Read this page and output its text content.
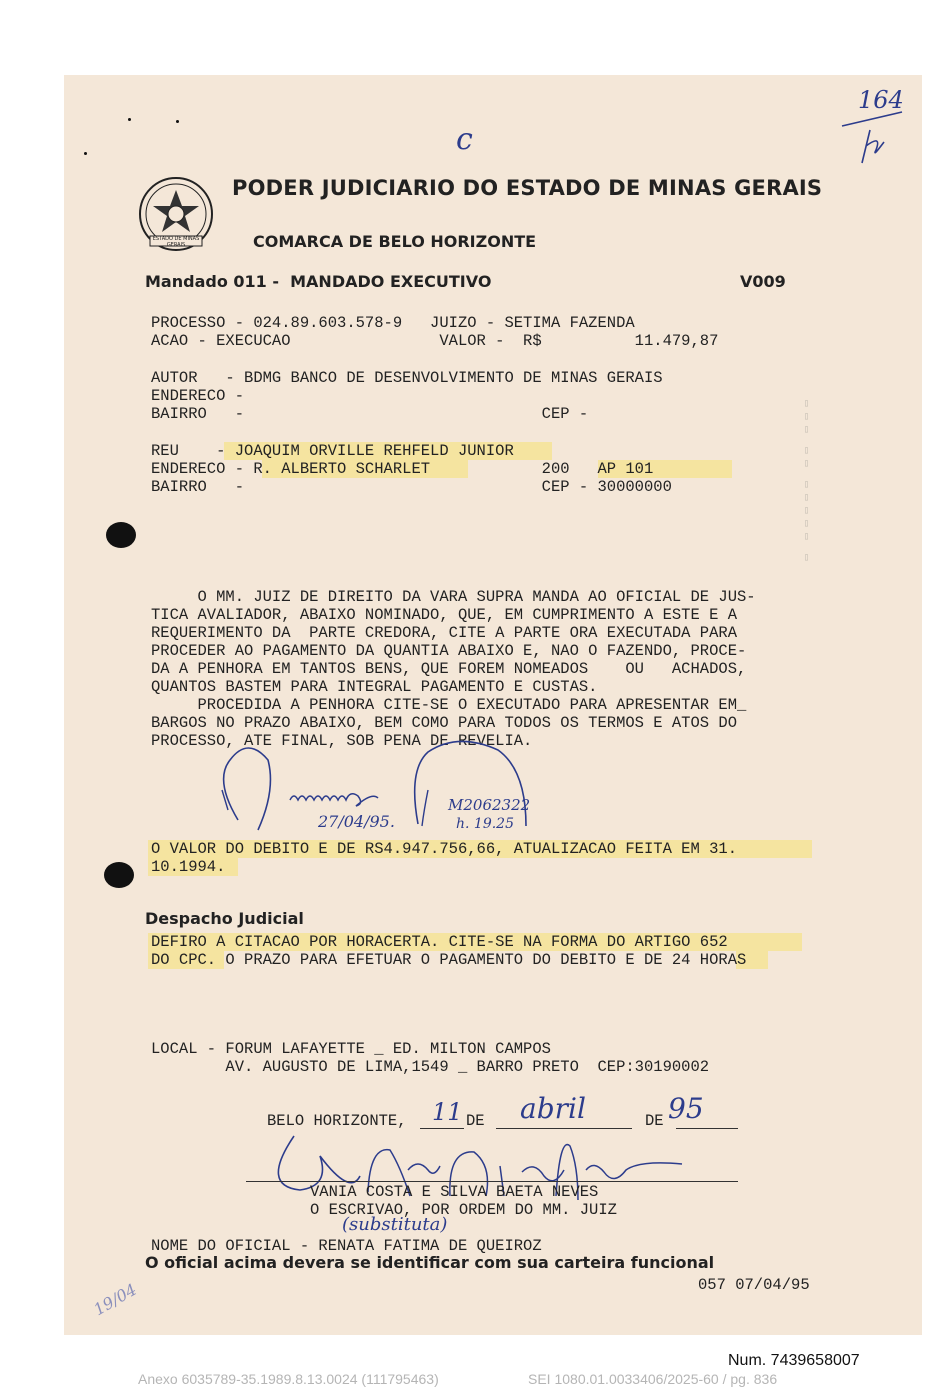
164
c
ESTADO DE MINAS GERAIS
PODER JUDICIARIO DO ESTADO DE MINAS GERAIS
COMARCA DE BELO HORIZONTE
Mandado 011 -  MANDADO EXECUTIVO	V009
PROCESSO - 024.89.603.578-9   JUIZO - SETIMA FAZENDA
ACAO - EXECUCAO                VALOR -  R$          11.479,87
AUTOR   - BDMG BANCO DE DESENVOLVIMENTO DE MINAS GERAIS
ENDERECO -
BAIRRO   -                                CEP -
REU    - JOAQUIM ORVILLE REHFELD JUNIOR
ENDERECO - R. ALBERTO SCHARLET            200   AP 101
BAIRRO   -                                CEP - 30000000	▯▯▯ ▯▯ ▯▯▯▯▯ ▯
O MM. JUIZ DE DIREITO DA VARA SUPRA MANDA AO OFICIAL DE JUS-
TICA AVALIADOR, ABAIXO NOMINADO, QUE, EM CUMPRIMENTO A ESTE E A
REQUERIMENTO DA  PARTE CREDORA, CITE A PARTE ORA EXECUTADA PARA
PROCEDER AO PAGAMENTO DA QUANTIA ABAIXO E, NAO O FAZENDO, PROCE-
DA A PENHORA EM TANTOS BENS, QUE FOREM NOMEADOS    OU   ACHADOS,
QUANTOS BASTEM PARA INTEGRAL PAGAMENTO E CUSTAS.
PROCEDIDA A PENHORA CITE-SE O EXECUTADO PARA APRESENTAR EM_
BARGOS NO PRAZO ABAIXO, BEM COMO PARA TODOS OS TERMOS E ATOS DO
PROCESSO, ATE FINAL, SOB PENA DE REVELIA.
27/04/95.
M2062322
h. 19.25
O VALOR DO DEBITO E DE RS4.947.756,66, ATUALIZACAO FEITA EM 31.
10.1994.
Despacho Judicial
DEFIRO A CITACAO POR HORACERTA. CITE-SE NA FORMA DO ARTIGO 652
DO CPC. O PRAZO PARA EFETUAR O PAGAMENTO DO DEBITO E DE 24 HORAS
LOCAL - FORUM LAFAYETTE _ ED. MILTON CAMPOS
AV. AUGUSTO DE LIMA,1549 _ BARRO PRETO  CEP:30190002
BELO HORIZONTE, 11 DE abril	DE 95
VANIA COSTA E SILVA BAETA NEVES
O ESCRIVAO, POR ORDEM DO MM. JUIZ
(substituta)
NOME DO OFICIAL - RENATA FATIMA DE QUEIROZ
O oficial acima devera se identificar com sua carteira funcional
057 07/04/95
19/04
Num. 7439658007
Anexo 6035789-35.1989.8.13.0024 (111795463)	SEI 1080.01.0033406/2025-60 / pg. 836
